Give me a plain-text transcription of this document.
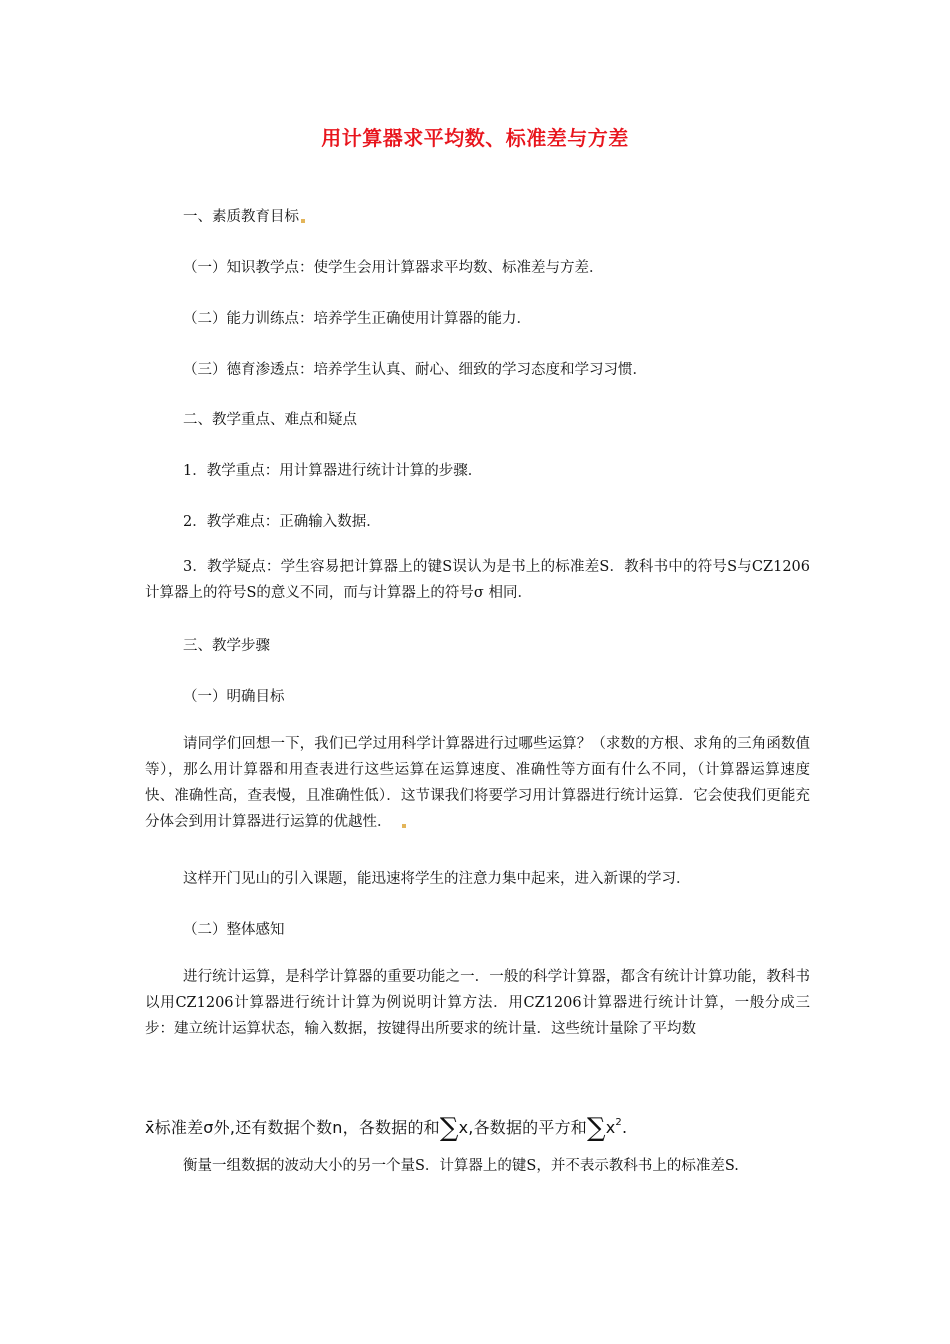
用计算器求平均数、标准差与方差
一、素质教育目标
（一）知识教学点：使学生会用计算器求平均数、标准差与方差．
（二）能力训练点：培养学生正确使用计算器的能力．
（三）德育渗透点：培养学生认真、耐心、细致的学习态度和学习习惯．
二、教学重点、难点和疑点
1．教学重点：用计算器进行统计计算的步骤．
2．教学难点：正确输入数据．
3．教学疑点：学生容易把计算器上的键S误认为是书上的标准差S．教科书中的符号S与CZ1206计算器上的符号S的意义不同，而与计算器上的符号σ 相同．
三、教学步骤
（一）明确目标
请同学们回想一下，我们已学过用科学计算器进行过哪些运算？（求数的方根、求角的三角函数值等），那么用计算器和用查表进行这些运算在运算速度、准确性等方面有什么不同，（计算器运算速度快、准确性高，查表慢，且准确性低）．这节课我们将要学习用计算器进行统计运算．它会使我们更能充分体会到用计算器进行运算的优越性．
这样开门见山的引入课题，能迅速将学生的注意力集中起来，进入新课的学习．
（二）整体感知
进行统计运算，是科学计算器的重要功能之一．一般的科学计算器，都含有统计计算功能，教科书以用CZ1206计算器进行统计计算为例说明计算方法．用CZ1206计算器进行统计计算，一般分成三步：建立统计运算状态，输入数据，按键得出所要求的统计量．这些统计量除了平均数
x̄标准差σ外,还有数据个数n，各数据的和∑x,各数据的平方和$\sum x^2$.
衡量一组数据的波动大小的另一个量S．计算器上的键S，并不表示教科书上的标准差S.
